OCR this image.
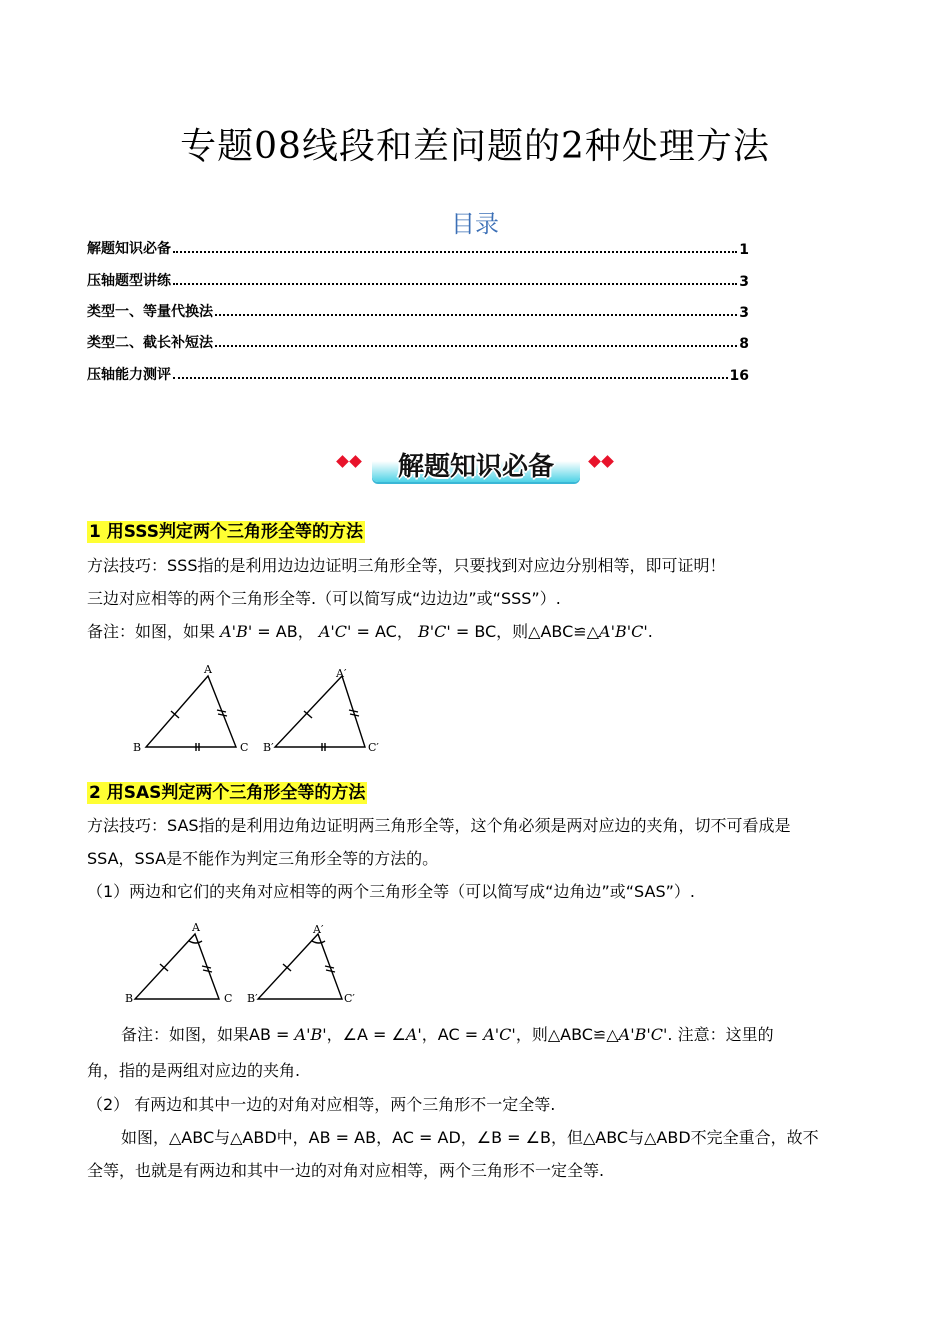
专题08线段和差问题的2种处理方法
目录
解题知识必备	1
压轴题型讲练	3
类型一、等量代换法	3
类型二、截长补短法	8
压轴能力测评	16
解题知识必备
1 用SSS判定两个三角形全等的方法
方法技巧：SSS指的是利用边边边证明三角形全等，只要找到对应边分别相等，即可证明！
三边对应相等的两个三角形全等.（可以简写成“边边边”或“SSS”）.
备注：如图，如果 A'B' = AB， A'C' = AC， B'C' = BC，则△ABC≌△A'B'C'.
A
B	C
A′
B′	C′
2 用SAS判定两个三角形全等的方法
方法技巧：SAS指的是利用边角边证明两三角形全等，这个角必须是两对应边的夹角，切不可看成是
SSA，SSA是不能作为判定三角形全等的方法的。
（1）两边和它们的夹角对应相等的两个三角形全等（可以简写成“边角边”或“SAS”）.
A
B	C
A′
B′	C′
备注：如图，如果AB = A'B'，∠A = ∠A'，AC = A'C'，则△ABC≌△A'B'C'. 注意：这里的
角，指的是两组对应边的夹角.
（2） 有两边和其中一边的对角对应相等，两个三角形不一定全等.
如图，△ABC与△ABD中，AB = AB，AC = AD，∠B = ∠B，但△ABC与△ABD不完全重合，故不
全等，也就是有两边和其中一边的对角对应相等，两个三角形不一定全等.
